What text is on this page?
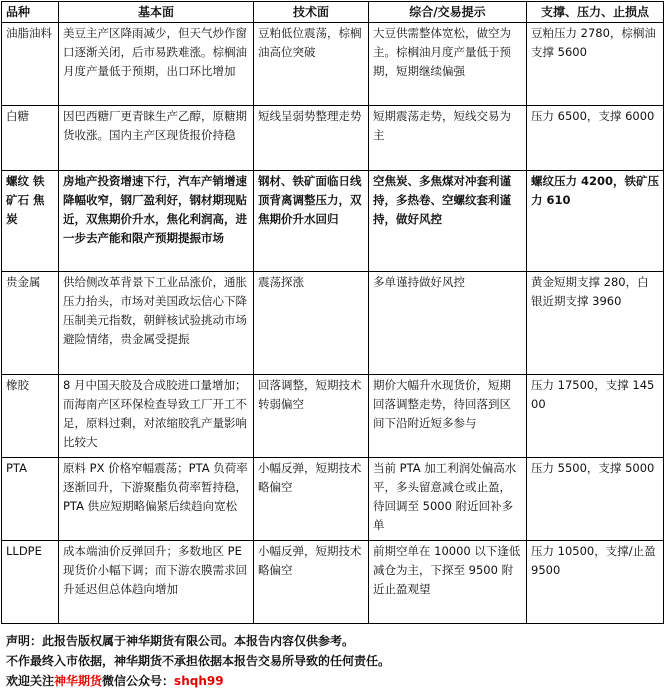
品种	基本面	技术面	综合/交易提示	支撑、压力、止损点
油脂油料	美豆主产区降雨减少，但天气炒作窗口逐渐关闭，后市易跌难涨。棕榈油月度产量低于预期，出口环比增加	豆粕低位震荡，棕榈油高位突破	大豆供需整体宽松，做空为主。棕榈油月度产量低于预期，短期继续偏强	豆粕压力 2780，棕榈油支撑 5600
白糖	因巴西糖厂更青睐生产乙醇，原糖期货收涨。国内主产区现货报价持稳	短线呈弱势整理走势	短期震荡走势，短线交易为主	压力 6500，支撑 6000
螺纹 铁矿石 焦炭	房地产投资增速下行，汽车产销增速降幅收窄，钢厂盈利好，钢材期现贴近，双焦期价升水，焦化利润高，进一步去产能和限产预期提振市场	钢材、铁矿面临日线顶背离调整压力，双焦期价升水回归	空焦炭、多焦煤对冲套利谨持，多热卷、空螺纹套利谨持，做好风控	螺纹压力 4200，铁矿压力 610
贵金属	供给侧改革背景下工业品涨价，通胀压力抬头，市场对美国政坛信心下降压制美元指数，朝鲜核试验挑动市场避险情绪，贵金属受提振	震荡探涨	多单谨持做好风控	黄金短期支撑 280，白银近期支撑 3960
橡胶	8 月中国天胶及合成胶进口量增加；而海南产区环保检查导致工厂开工不足，原料过剩，对浓缩胶乳产量影响比较大	回落调整，短期技术转弱偏空	期价大幅升水现货价，短期回落调整走势，待回落到区间下沿附近短多参与	压力 17500，支撑 14500
PTA	原料 PX 价格窄幅震荡；PTA 负荷率逐渐回升，下游聚酯负荷率暂持稳，PTA 供应短期略偏紧后续趋向宽松	小幅反弹，短期技术略偏空	当前 PTA 加工利润处偏高水平，多头留意减仓或止盈，待回调至 5000 附近回补多单	压力 5500，支撑 5000
LLDPE	成本端油价反弹回升；多数地区 PE 现货价小幅下调；而下游农膜需求回升延迟但总体趋向增加	小幅反弹，短期技术略偏空	前期空单在 10000 以下逢低减仓为主，下探至 9500 附近止盈观望	压力 10500，支撑/止盈 9500
声明：此报告版权属于神华期货有限公司。本报告内容仅供参考。
不作最终入市依据，神华期货不承担依据本报告交易所导致的任何责任。
欢迎关注神华期货微信公众号：shqh99
